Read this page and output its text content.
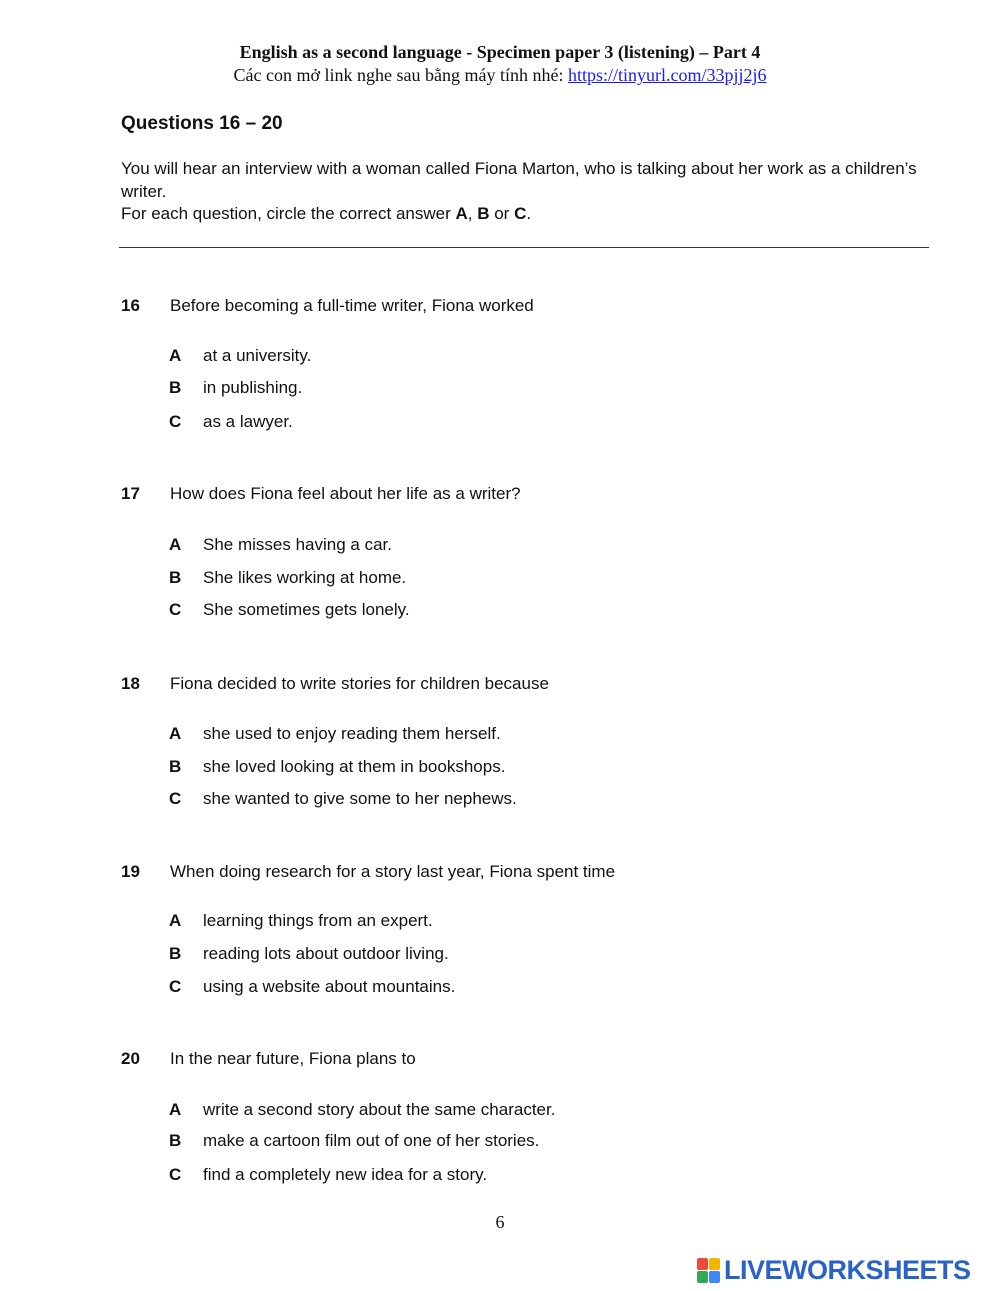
English as a second language - Specimen paper 3 (listening) – Part 4
Các con mở link nghe sau bằng máy tính nhé: https://tinyurl.com/33pjj2j6
Questions 16 – 20

You will hear an interview with a woman called Fiona Marton, who is talking about her work as a children’s writer.

For each question, circle the correct answer A, B or C.

16 Before becoming a full-time writer, Fiona worked
A at a university.
B in publishing.
C as a lawyer.
17 How does Fiona feel about her life as a writer?
A She misses having a car.
B She likes working at home.
C She sometimes gets lonely.
18 Fiona decided to write stories for children because
A she used to enjoy reading them herself.
B she loved looking at them in bookshops.
C she wanted to give some to her nephews.
19 When doing research for a story last year, Fiona spent time
A learning things from an expert.
B reading lots about outdoor living.
C using a website about mountains.
20 In the near future, Fiona plans to
A write a second story about the same character.
B make a cartoon film out of one of her stories.
C find a completely new idea for a story.
6
LIVEWORKSHEETS
